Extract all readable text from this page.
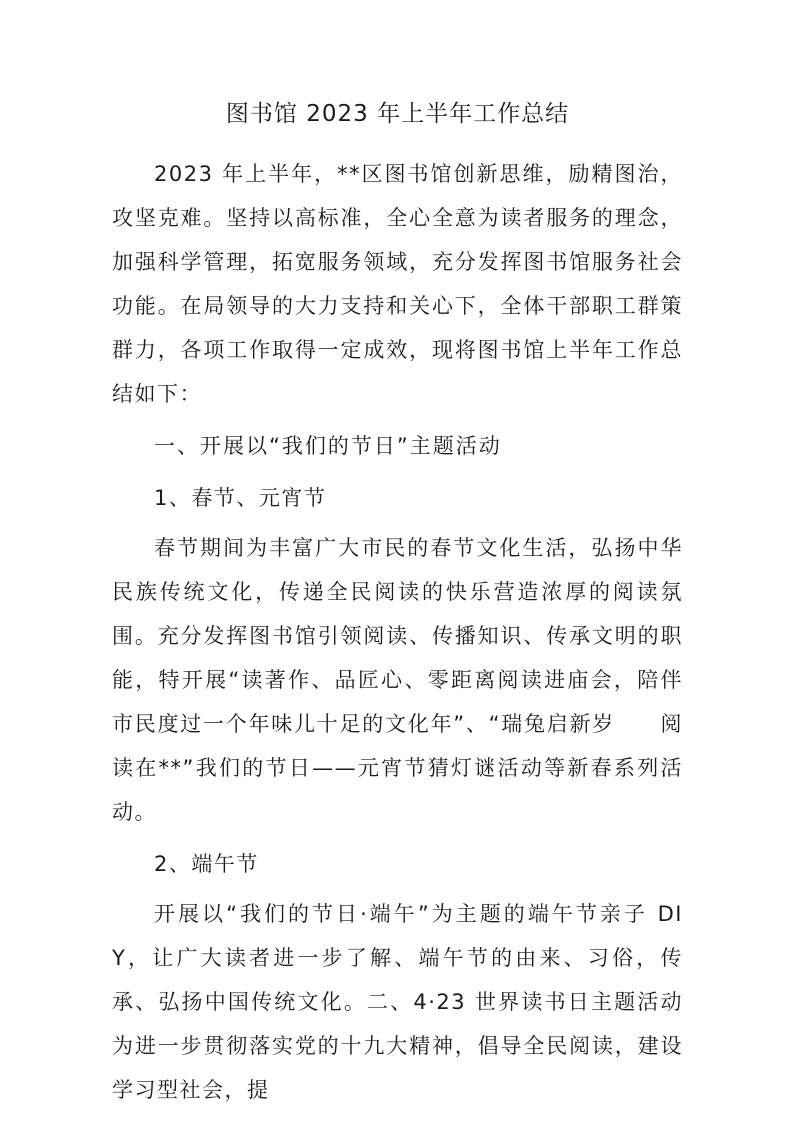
图书馆 2023 年上半年工作总结

2023 年上半年，**区图书馆创新思维，励精图治，攻坚克难。坚持以高标准，全心全意为读者服务的理念，加强科学管理，拓宽服务领域，充分发挥图书馆服务社会功能。在局领导的大力支持和关心下，全体干部职工群策群力，各项工作取得一定成效，现将图书馆上半年工作总结如下：

一、开展以“我们的节日”主题活动

1、春节、元宵节

春节期间为丰富广大市民的春节文化生活，弘扬中华民族传统文化，传递全民阅读的快乐营造浓厚的阅读氛围。充分发挥图书馆引领阅读、传播知识、传承文明的职能，特开展“读著作、品匠心、零距离阅读进庙会，陪伴市民度过一个年味儿十足的文化年”、“瑞兔启新岁　　阅读在**”我们的节日——元宵节猜灯谜活动等新春系列活动。

2、端午节

开展以“我们的节日·端午”为主题的端午节亲子 DIY，让广大读者进一步了解、端午节的由来、习俗，传承、弘扬中国传统文化。二、4·23 世界读书日主题活动为进一步贯彻落实党的十九大精神，倡导全民阅读，建设学习型社会，提
